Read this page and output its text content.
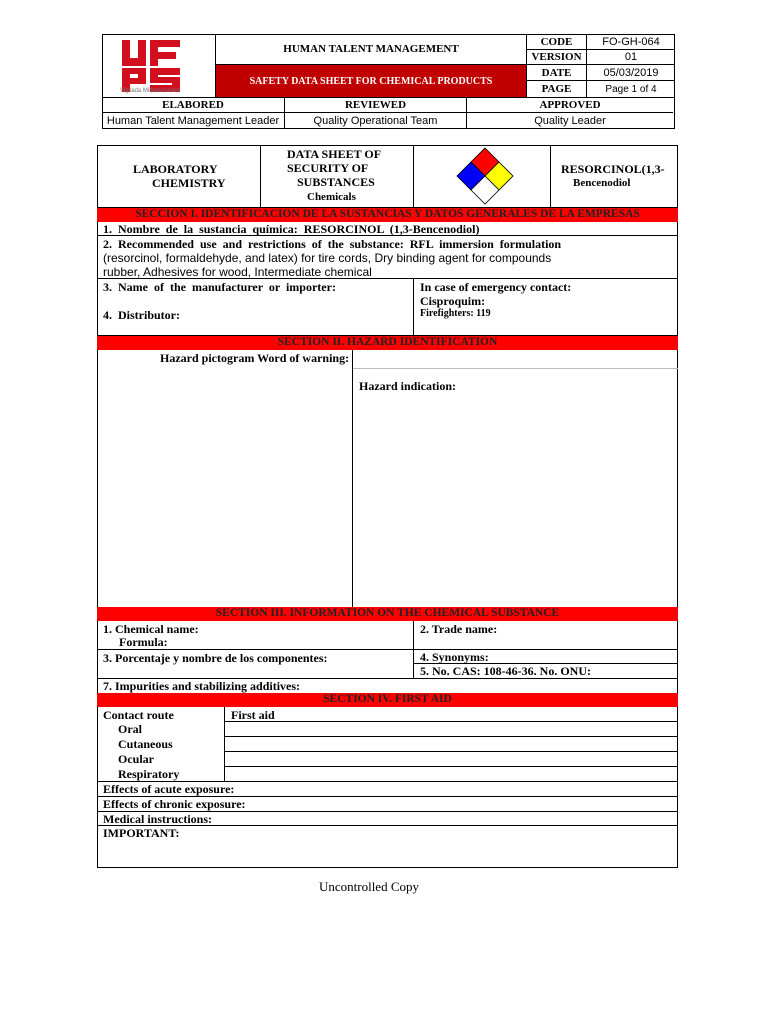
Vigilada Mineducación
HUMAN TALENT MANAGEMENT
SAFETY DATA SHEET FOR CHEMICAL PRODUCTS
CODE	FO-GH-064
VERSION	01
DATE	05/03/2019
PAGE	Page 1 of 4
ELABORED	REVIEWED	APPROVED
Human Talent Management Leader	Quality Operational Team	Quality Leader
LABORATORY
CHEMISTRY
DATA SHEET OF
SECURITY OF
SUBSTANCES
Chemicals
RESORCINOL(1,3-
Bencenodiol
SECCION I. IDENTIFICACION DE LA SUSTANCIAS Y DATOS GENERALES DE LA EMPRESAS
1.  Nombre  de  la  sustancia  química:  RESORCINOL  (1,3-Bencenodiol)
2.  Recommended  use  and  restrictions  of  the  substance:  RFL  immersion  formulation
(resorcinol, formaldehyde, and latex) for tire cords, Dry binding agent for compounds
rubber, Adhesives for wood, Intermediate chemical
3.  Name  of  the  manufacturer  or  importer:
4.  Distributor:
In case of emergency contact:
Cisproquim:
Firefighters: 119
SECTION II. HAZARD IDENTIFICATION
Hazard pictogram Word of warning:
Hazard indication:
SECTION III. INFORMATION ON THE CHEMICAL SUBSTANCE
1. Chemical name:
Formula:
2. Trade name:
3. Porcentaje y nombre de los componentes:	4. Synonyms:
5. No. CAS: 108-46-36. No. ONU:
7. Impurities and stabilizing additives:
SECTION IV. FIRST AID
Contact route	First aid
Oral
Cutaneous
Ocular
Respiratory
Effects of acute exposure:
Effects of chronic exposure:
Medical instructions:
IMPORTANT:
Uncontrolled Copy
